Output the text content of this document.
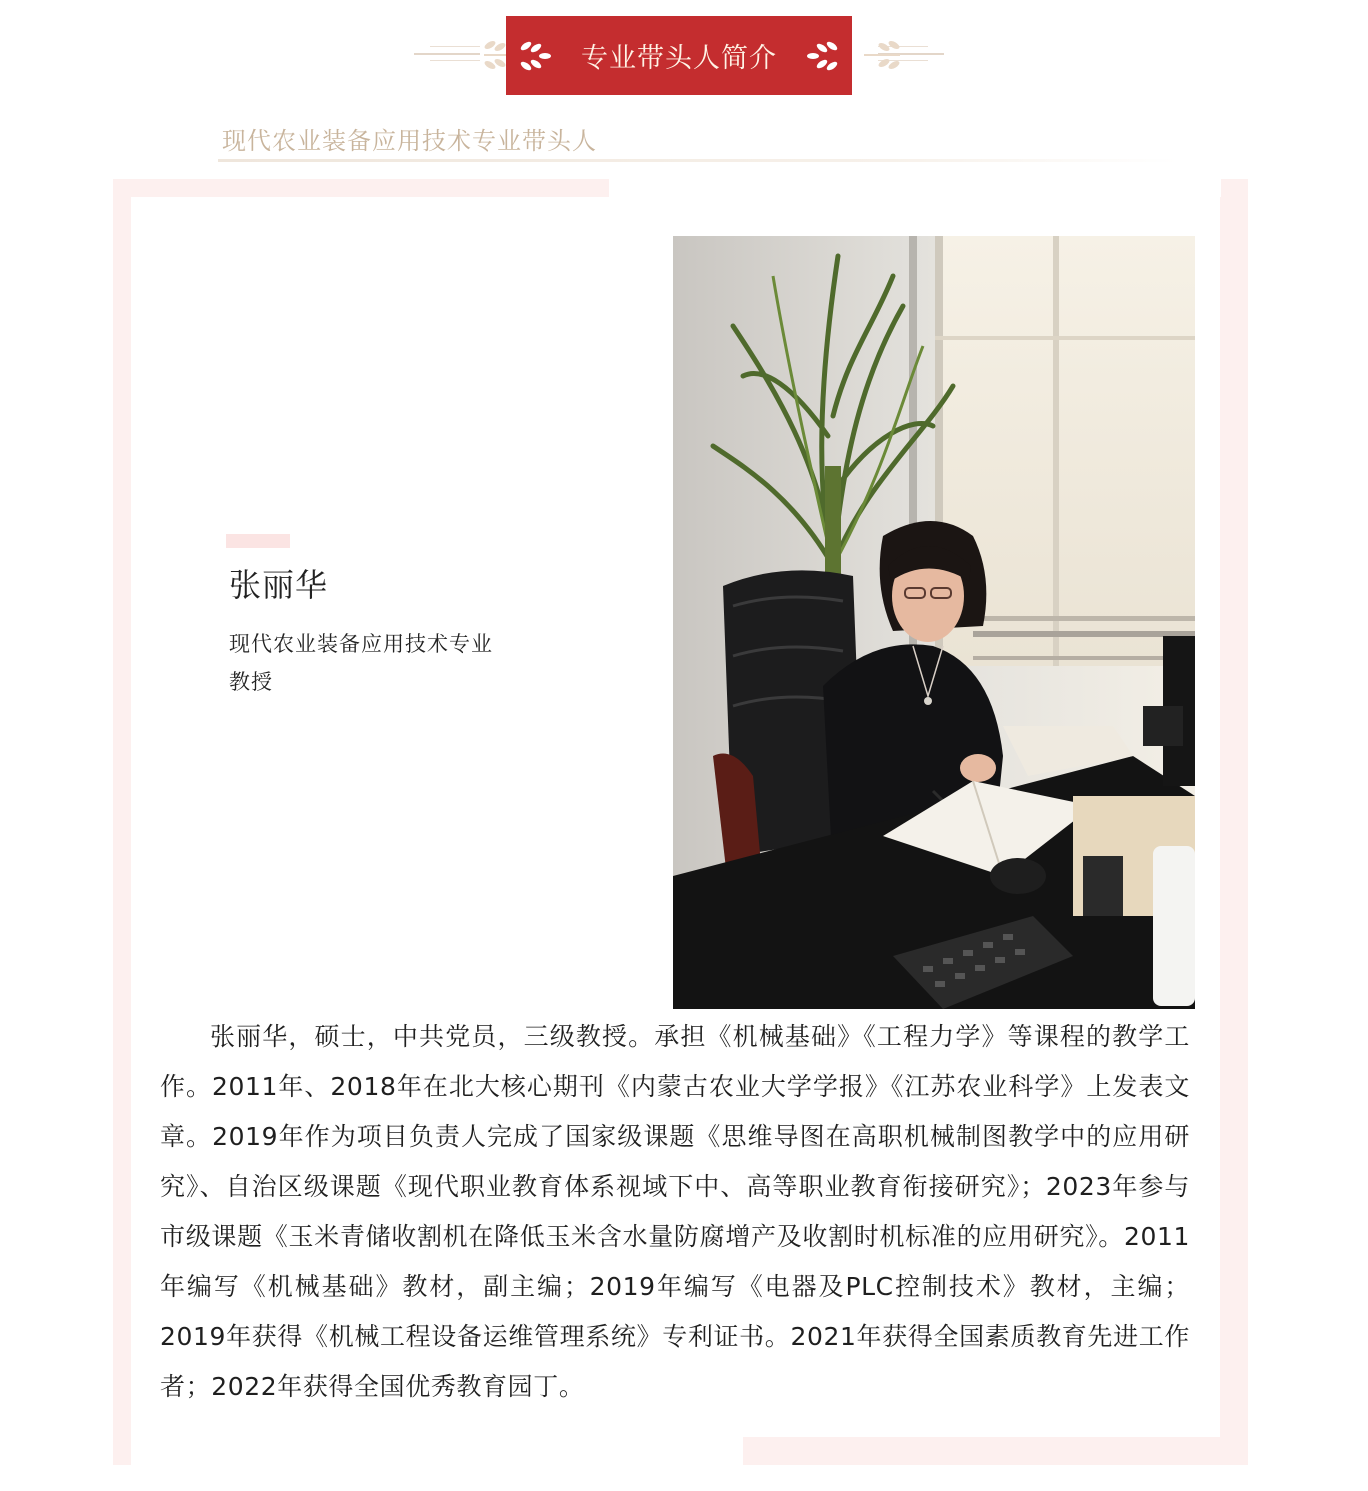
专业带头人简介
现代农业装备应用技术专业带头人
张丽华
现代农业装备应用技术专业
教授

张丽华，硕士，中共党员，三级教授。承担《机械基础》《工程力学》等课程的教学工作。2011年、2018年在北大核心期刊《内蒙古农业大学学报》《江苏农业科学》上发表文章。2019年作为项目负责人完成了国家级课题《思维导图在高职机械制图教学中的应用研究》、自治区级课题《现代职业教育体系视域下中、高等职业教育衔接研究》；2023年参与市级课题《玉米青储收割机在降低玉米含水量防腐增产及收割时机标准的应用研究》。2011年编写《机械基础》教材，副主编；2019年编写《电器及PLC控制技术》教材，主编；2019年获得《机械工程设备运维管理系统》专利证书。2021年获得全国素质教育先进工作者；2022年获得全国优秀教育园丁。
